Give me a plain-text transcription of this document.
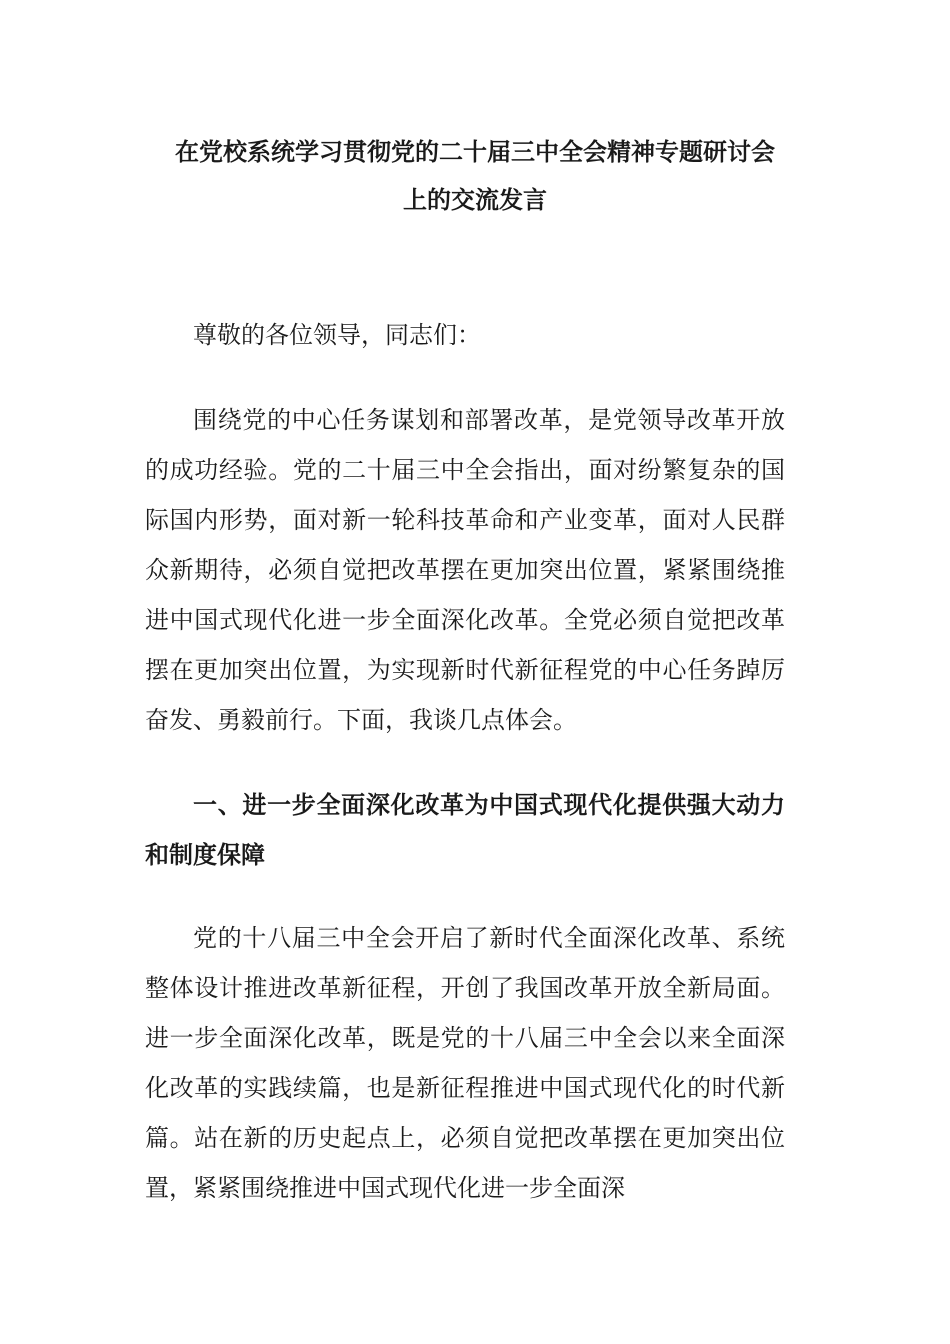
在党校系统学习贯彻党的二十届三中全会精神专题研讨会
上的交流发言

尊敬的各位领导，同志们：

围绕党的中心任务谋划和部署改革，是党领导改革开放的成功经验。党的二十届三中全会指出，面对纷繁复杂的国际国内形势，面对新一轮科技革命和产业变革，面对人民群众新期待，必须自觉把改革摆在更加突出位置，紧紧围绕推进中国式现代化进一步全面深化改革。全党必须自觉把改革摆在更加突出位置，为实现新时代新征程党的中心任务踔厉奋发、勇毅前行。下面，我谈几点体会。

一、进一步全面深化改革为中国式现代化提供强大动力和制度保障

党的十八届三中全会开启了新时代全面深化改革、系统整体设计推进改革新征程，开创了我国改革开放全新局面。进一步全面深化改革，既是党的十八届三中全会以来全面深化改革的实践续篇，也是新征程推进中国式现代化的时代新篇。站在新的历史起点上，必须自觉把改革摆在更加突出位置，紧紧围绕推进中国式现代化进一步全面深
